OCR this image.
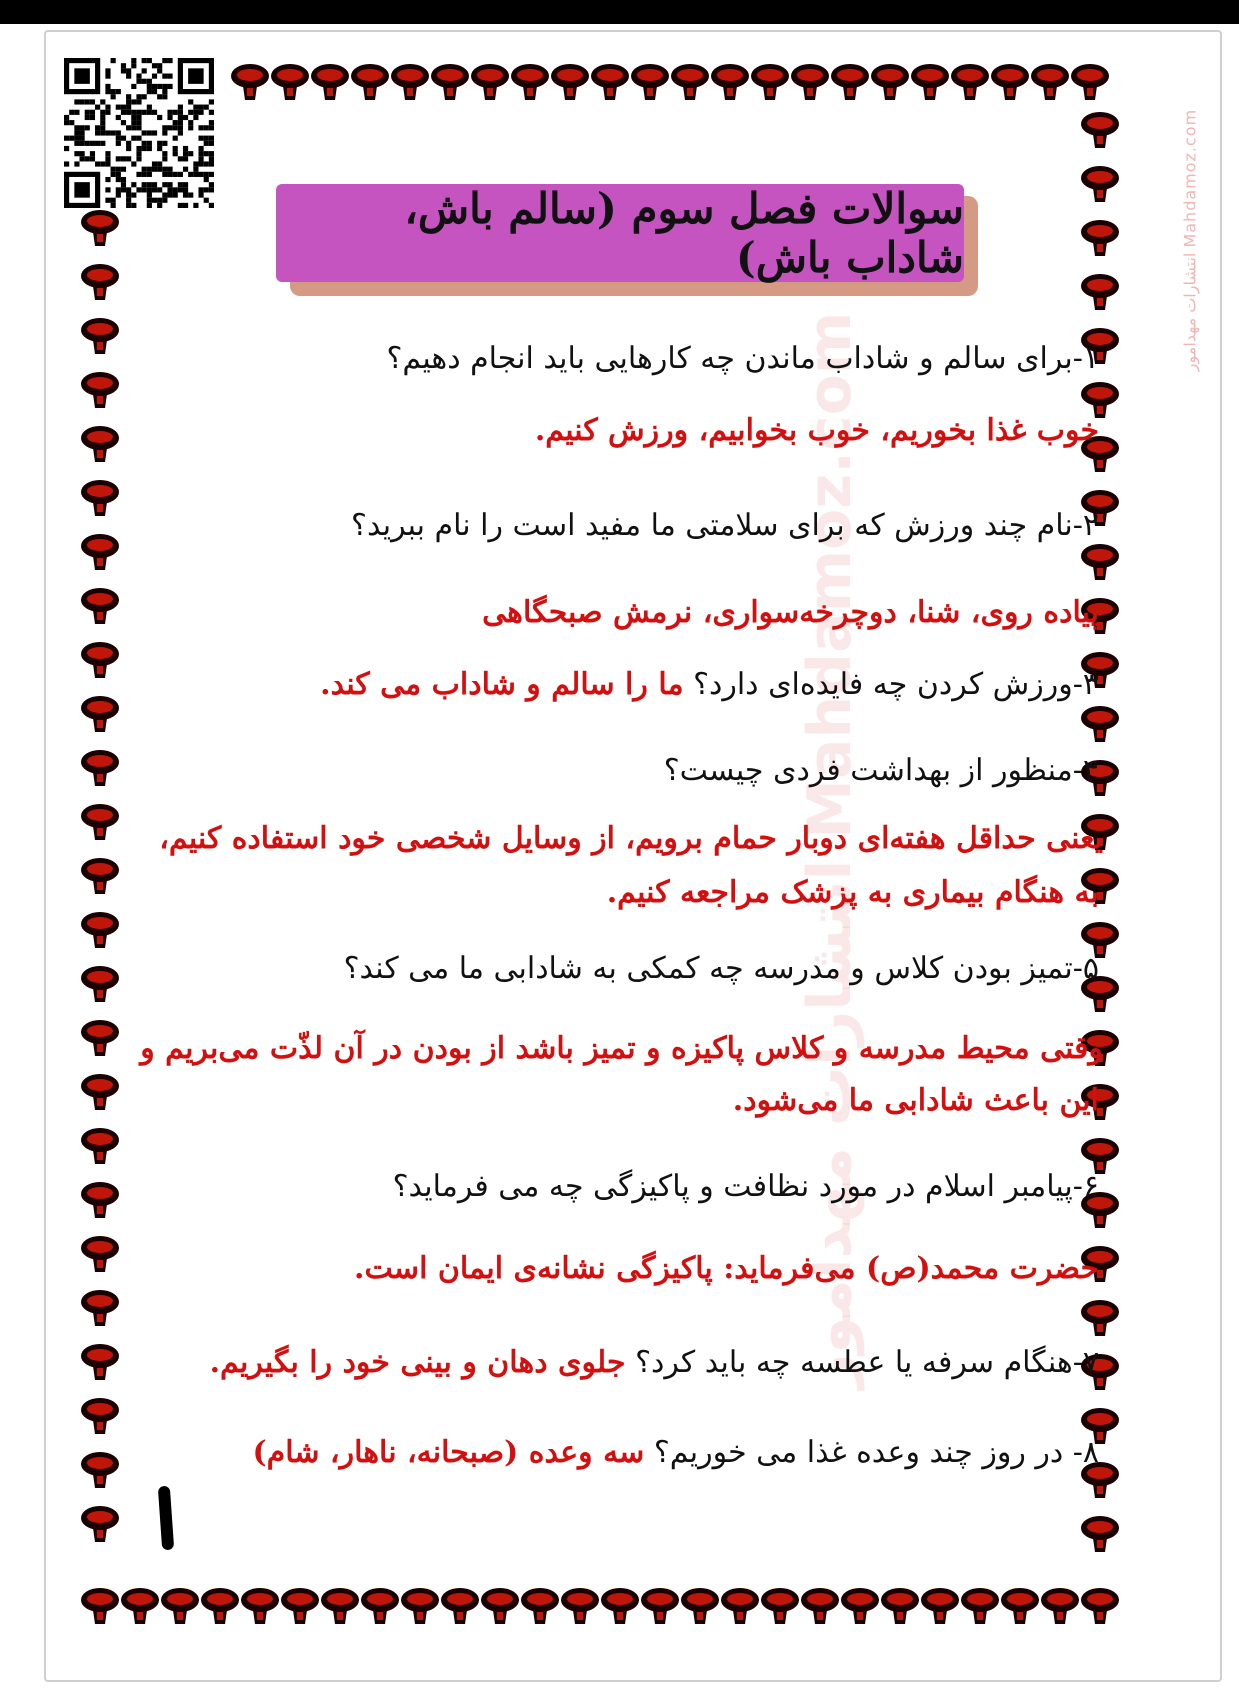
انتشارات مهدامور Mahdamoz.com
انتشارات مهدامور Mahdamoz.com
سوالات فصل سوم (سالم باش، شاداب باش)
۱-برای سالم و شاداب ماندن چه کارهایی باید انجام دهیم؟
خوب غذا بخوریم، خوب بخوابیم، ورزش کنیم.
۲-نام چند ورزش که برای سلامتی ما مفید است را نام ببرید؟
پیاده روی، شنا، دوچرخه‌سواری، نرمش صبحگاهی
۳-ورزش کردن چه فایده‌ای دارد؟ ما را سالم و شاداب می کند.
۴-منظور از بهداشت فردی چیست؟
یعنی حداقل هفته‌ای دوبار حمام برویم، از وسایل شخصی خود استفاده کنیم،
به هنگام بیماری به پزشک مراجعه کنیم.
۵-تمیز بودن کلاس و مدرسه چه کمکی به شادابی ما می کند؟
وقتی محیط مدرسه و کلاس پاکیزه و تمیز باشد از بودن در آن لذّت می‌بریم و
این باعث شادابی ما می‌شود.
۶-پیامبر اسلام در مورد نظافت و پاکیزگی چه می فرماید؟
حضرت محمد(ص) می‌فرماید: پاکیزگی نشانه‌ی ایمان است.
۷-هنگام سرفه یا عطسه چه باید کرد؟ جلوی دهان و بینی خود را بگیریم.
۸- در روز چند وعده غذا می خوریم؟ سه وعده (صبحانه، ناهار، شام)
